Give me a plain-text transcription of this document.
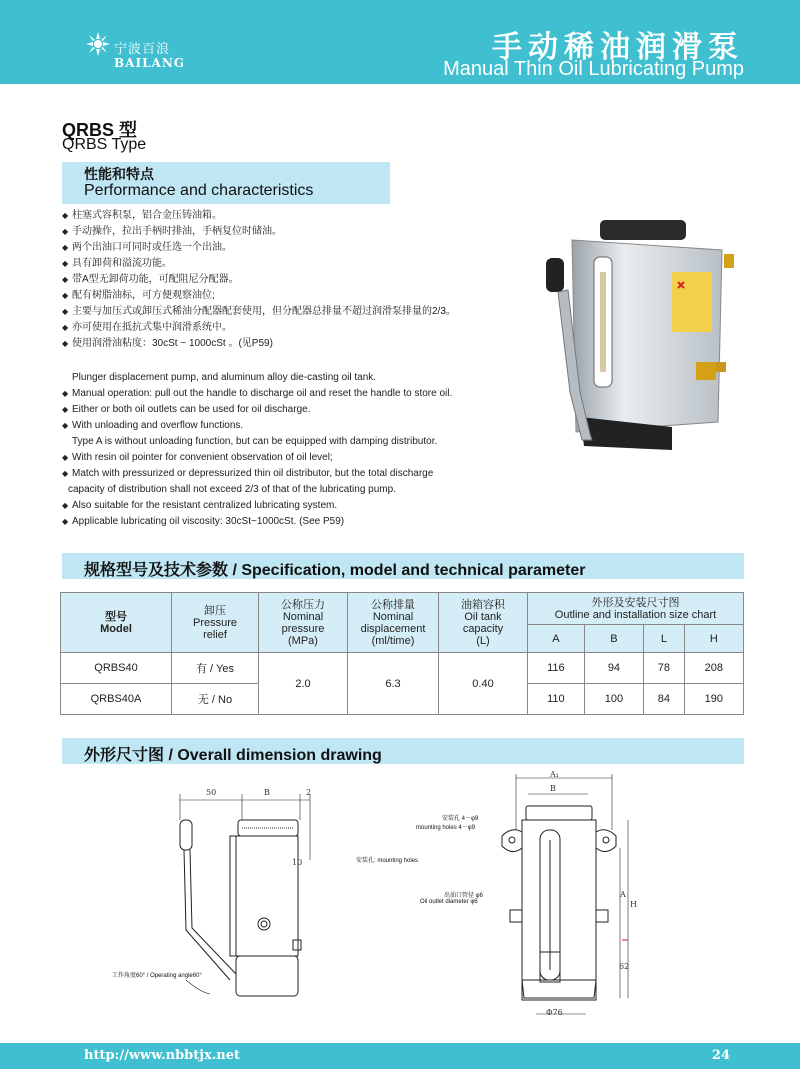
宁波百浪
BAILANG	手动稀油润滑泵
Manual Thin Oil Lubricating Pump
QRBS 型
QRBS Type
性能和特点
Performance and characteristics
◆ 柱塞式容积泵，铝合金压铸油箱。
◆ 手动操作，拉出手柄时排油，手柄复位时储油。
◆ 两个出油口可同时或任选一个出油。
◆ 具有卸荷和溢流功能。
◆ 带A型无卸荷功能，可配阻尼分配器。
◆ 配有树脂油标，可方便观察油位;
◆ 主要与加压式或卸压式稀油分配器配套使用，但分配器总排量不超过润滑泵排量的2/3。
◆ 亦可使用在抵抗式集中润滑系统中。
◆ 使用润滑油粘度：30cSt ~ 1000cSt 。(见P59)
Plunger displacement pump, and aluminum alloy die-casting oil tank.
◆ Manual operation: pull out the handle to discharge oil and reset the handle to store oil.
◆ Either or both oil outlets can be used for oil discharge.
◆ With unloading and overflow functions.
Type A is without unloading function, but can be equipped with damping distributor.
◆ With resin oil pointer for convenient observation of oil level;
◆ Match with pressurized or depressurized thin oil distributor, but the total discharge
capacity of distribution shall not exceed 2/3 of that of the lubricating pump.
◆ Also suitable for the resistant centralized lubricating system.
◆ Applicable lubricating oil viscosity: 30cSt~1000cSt. (See P59)
规格型号及技术参数 / Specification, model and technical parameter
型号
Model	卸压
Pressure
relief	公称压力
Nominal
pressure
(MPa)	公称排量
Nominal
displacement
(ml/time)	油箱容积
Oil tank
capacity
(L)	外形及安装尺寸图
Outline and installation size chart			
					A	B	L	H
QRBS40	有 / Yes	2.0	6.3	0.40	116	94	78	208
QRBS40A	无 / No				110	100	84	190
外形尺寸图 / Overall dimension drawing
50	B	2
10
工作角度60° / Operating angle60°
A₁
B
A
H
62
Φ76
安装孔 4－φ9
mounting holes 4－φ9
安装孔: mounting holes
出油口管径 φ6
Oil outlet diameter φ6
http://www.nbbtjx.net	24
